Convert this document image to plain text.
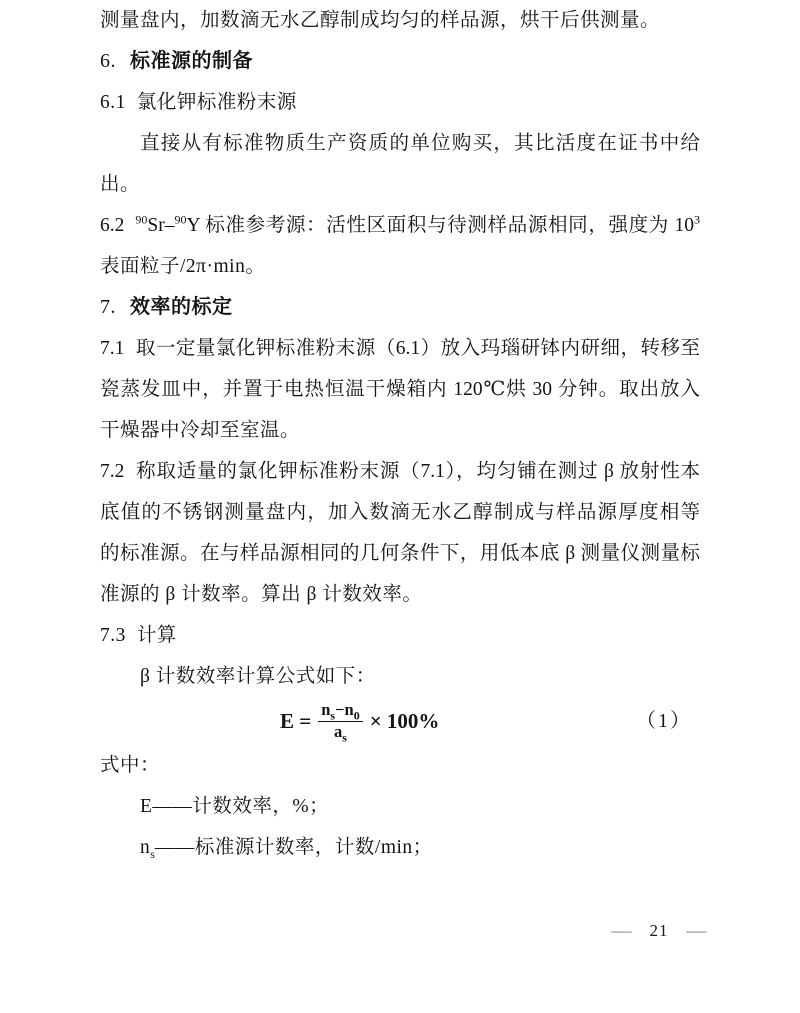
测量盘内，加数滴无水乙醇制成均匀的样品源，烘干后供测量。
6. 标准源的制备
6.1 氯化钾标准粉末源
直接从有标准物质生产资质的单位购买，其比活度在证书中给
出。
6.2 $^{90}$Sr–$^{90}$Y 标准参考源：活性区面积与待测样品源相同，强度为 $10^3$
表面粒子/2π·min。
7. 效率的标定
7.1 取一定量氯化钾标准粉末源（6.1）放入玛瑙研钵内研细，转移至
瓷蒸发皿中，并置于电热恒温干燥箱内 120℃烘 30 分钟。取出放入
干燥器中冷却至室温。
7.2 称取适量的氯化钾标准粉末源（7.1），均匀铺在测过 β 放射性本
底值的不锈钢测量盘内，加入数滴无水乙醇制成与样品源厚度相等
的标准源。在与样品源相同的几何条件下，用低本底 β 测量仪测量标
准源的 β 计数率。算出 β 计数效率。
7.3 计算
β 计数效率计算公式如下：
$E = \frac{n_s-n_0}{a_s} \times 100\%$	（1）
式中：
E——计数效率，%；
$n_s——$标准源计数率，计数/min；
— 21 —
